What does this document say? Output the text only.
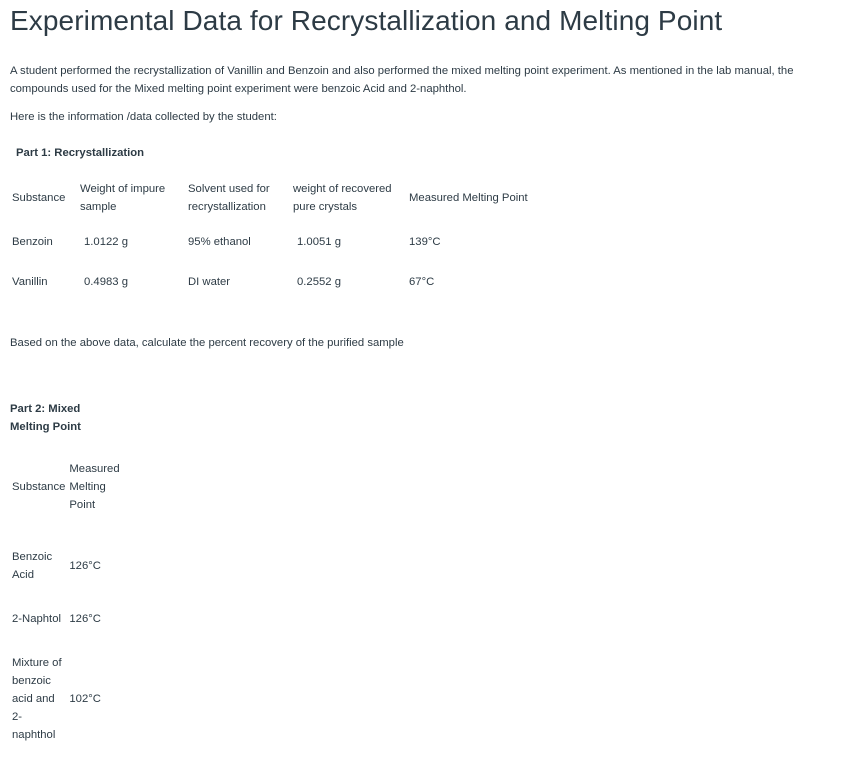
Experimental Data for Recrystallization and Melting Point

A student performed the recrystallization of Vanillin and Benzoin and also performed the mixed melting point experiment. As mentioned in the lab manual, the compounds used for the Mixed melting point experiment were benzoic Acid and 2-naphthol.

Here is the information /data collected by the student:

Part 1: Recrystallization
Substance	Weight of impure sample	Solvent used for recrystallization	weight of recovered pure crystals	Measured Melting Point
Benzoin	1.0122 g	95% ethanol	1.0051 g	139°C
Vanillin	0.4983 g	DI water	0.2552 g	67°C
Based on the above data, calculate the percent recovery of the purified sample
Part 2: Mixed Melting Point
Substance	Measured Melting Point
Benzoic Acid	126°C
2-Naphtol	126°C
Mixture of benzoic acid and 2-naphthol	102°C
